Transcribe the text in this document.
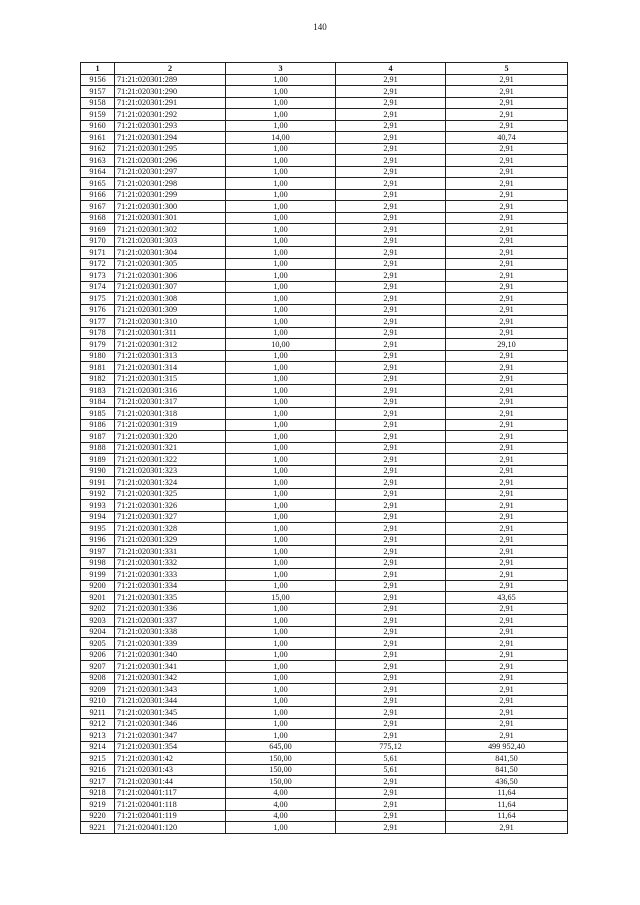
140
1	2	3	4	5
9156	71:21:020301:289	1,00	2,91	2,91
9157	71:21:020301:290	1,00	2,91	2,91
9158	71:21:020301:291	1,00	2,91	2,91
9159	71:21:020301:292	1,00	2,91	2,91
9160	71:21:020301:293	1,00	2,91	2,91
9161	71:21:020301:294	14,00	2,91	40,74
9162	71:21:020301:295	1,00	2,91	2,91
9163	71:21:020301:296	1,00	2,91	2,91
9164	71:21:020301:297	1,00	2,91	2,91
9165	71:21:020301:298	1,00	2,91	2,91
9166	71:21:020301:299	1,00	2,91	2,91
9167	71:21:020301:300	1,00	2,91	2,91
9168	71:21:020301:301	1,00	2,91	2,91
9169	71:21:020301:302	1,00	2,91	2,91
9170	71:21:020301:303	1,00	2,91	2,91
9171	71:21:020301:304	1,00	2,91	2,91
9172	71:21:020301:305	1,00	2,91	2,91
9173	71:21:020301:306	1,00	2,91	2,91
9174	71:21:020301:307	1,00	2,91	2,91
9175	71:21:020301:308	1,00	2,91	2,91
9176	71:21:020301:309	1,00	2,91	2,91
9177	71:21:020301:310	1,00	2,91	2,91
9178	71:21:020301:311	1,00	2,91	2,91
9179	71:21:020301:312	10,00	2,91	29,10
9180	71:21:020301:313	1,00	2,91	2,91
9181	71:21:020301:314	1,00	2,91	2,91
9182	71:21:020301:315	1,00	2,91	2,91
9183	71:21:020301:316	1,00	2,91	2,91
9184	71:21:020301:317	1,00	2,91	2,91
9185	71:21:020301:318	1,00	2,91	2,91
9186	71:21:020301:319	1,00	2,91	2,91
9187	71:21:020301:320	1,00	2,91	2,91
9188	71:21:020301:321	1,00	2,91	2,91
9189	71:21:020301:322	1,00	2,91	2,91
9190	71:21:020301:323	1,00	2,91	2,91
9191	71:21:020301:324	1,00	2,91	2,91
9192	71:21:020301:325	1,00	2,91	2,91
9193	71:21:020301:326	1,00	2,91	2,91
9194	71:21:020301:327	1,00	2,91	2,91
9195	71:21:020301:328	1,00	2,91	2,91
9196	71:21:020301:329	1,00	2,91	2,91
9197	71:21:020301:331	1,00	2,91	2,91
9198	71:21:020301:332	1,00	2,91	2,91
9199	71:21:020301:333	1,00	2,91	2,91
9200	71:21:020301:334	1,00	2,91	2,91
9201	71:21:020301:335	15,00	2,91	43,65
9202	71:21:020301:336	1,00	2,91	2,91
9203	71:21:020301:337	1,00	2,91	2,91
9204	71:21:020301:338	1,00	2,91	2,91
9205	71:21:020301:339	1,00	2,91	2,91
9206	71:21:020301:340	1,00	2,91	2,91
9207	71:21:020301:341	1,00	2,91	2,91
9208	71:21:020301:342	1,00	2,91	2,91
9209	71:21:020301:343	1,00	2,91	2,91
9210	71:21:020301:344	1,00	2,91	2,91
9211	71:21:020301:345	1,00	2,91	2,91
9212	71:21:020301:346	1,00	2,91	2,91
9213	71:21:020301:347	1,00	2,91	2,91
9214	71:21:020301:354	645,00	775,12	499 952,40
9215	71:21:020301:42	150,00	5,61	841,50
9216	71:21:020301:43	150,00	5,61	841,50
9217	71:21:020301:44	150,00	2,91	436,50
9218	71:21:020401:117	4,00	2,91	11,64
9219	71:21:020401:118	4,00	2,91	11,64
9220	71:21:020401:119	4,00	2,91	11,64
9221	71:21:020401:120	1,00	2,91	2,91
